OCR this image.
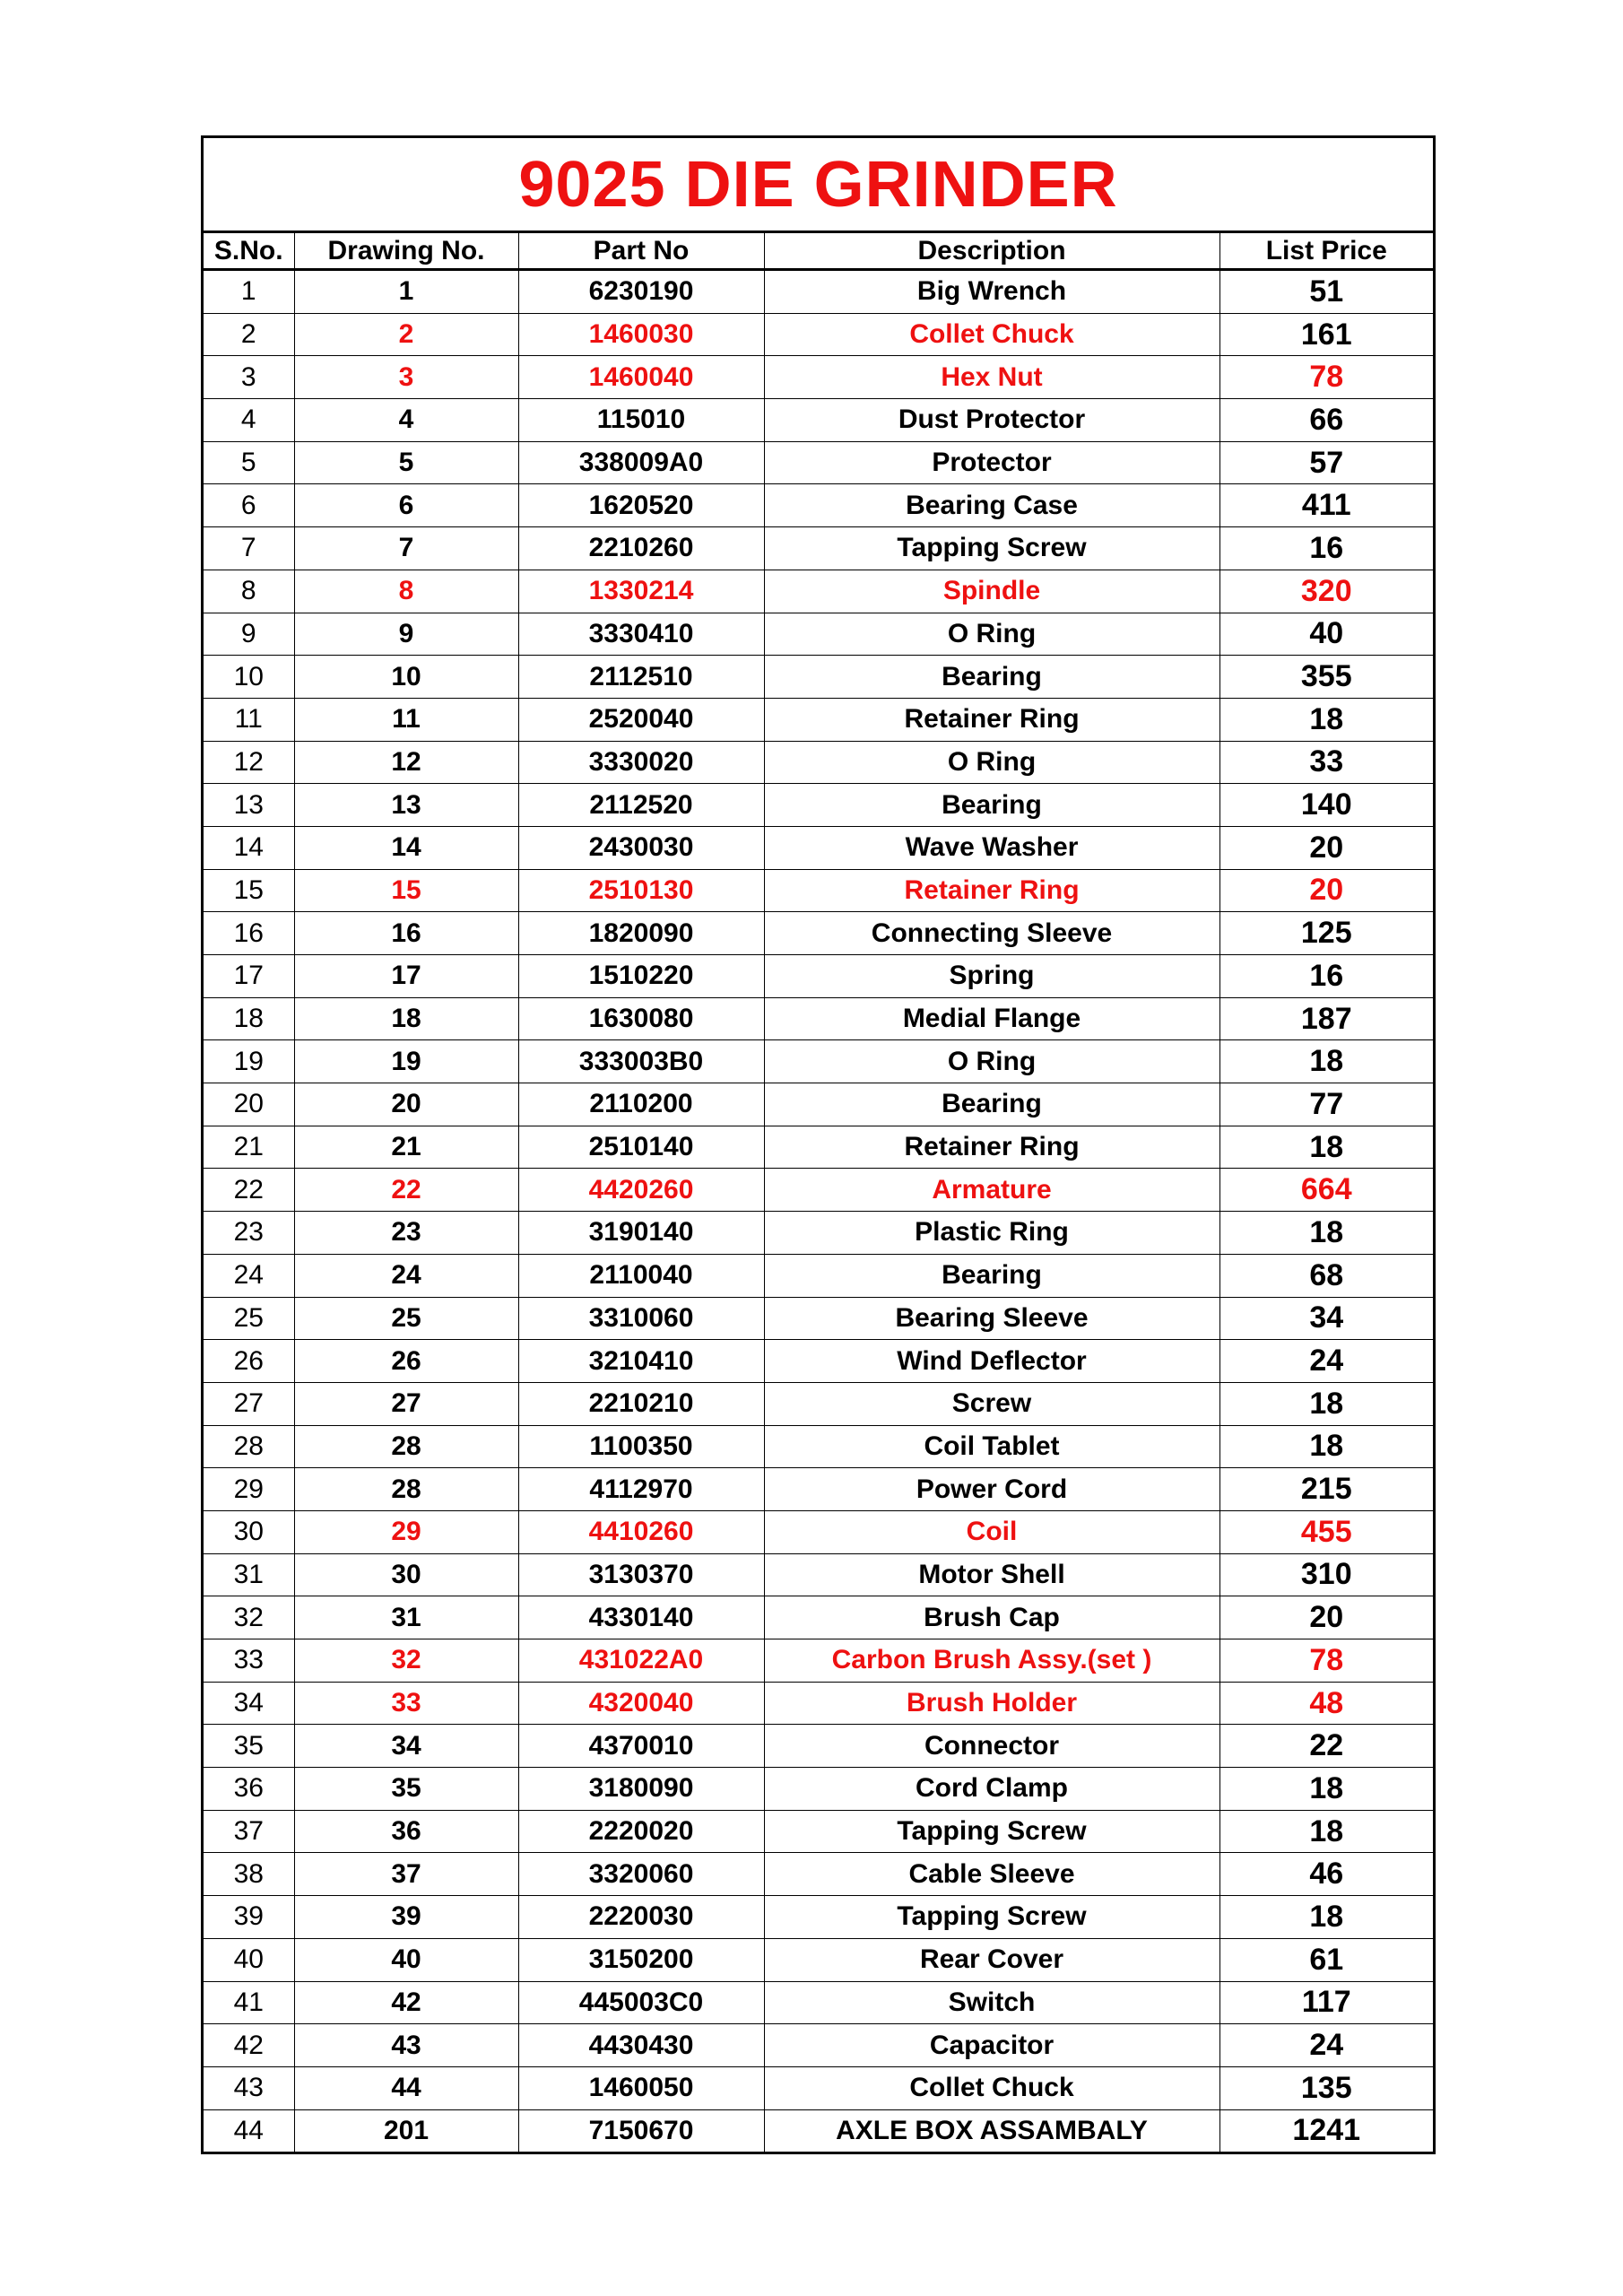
9025 DIE GRINDER
S.No.	Drawing No.	Part No	Description	List Price
1	1	6230190	Big Wrench	51
2	2	1460030	Collet Chuck	161
3	3	1460040	Hex Nut	78
4	4	115010	Dust Protector	66
5	5	338009A0	Protector	57
6	6	1620520	Bearing Case	411
7	7	2210260	Tapping Screw	16
8	8	1330214	Spindle	320
9	9	3330410	O Ring	40
10	10	2112510	Bearing	355
11	11	2520040	Retainer Ring	18
12	12	3330020	O Ring	33
13	13	2112520	Bearing	140
14	14	2430030	Wave Washer	20
15	15	2510130	Retainer Ring	20
16	16	1820090	Connecting Sleeve	125
17	17	1510220	Spring	16
18	18	1630080	Medial Flange	187
19	19	333003B0	O Ring	18
20	20	2110200	Bearing	77
21	21	2510140	Retainer Ring	18
22	22	4420260	Armature	664
23	23	3190140	Plastic Ring	18
24	24	2110040	Bearing	68
25	25	3310060	Bearing Sleeve	34
26	26	3210410	Wind Deflector	24
27	27	2210210	Screw	18
28	28	1100350	Coil Tablet	18
29	28	4112970	Power Cord	215
30	29	4410260	Coil	455
31	30	3130370	Motor Shell	310
32	31	4330140	Brush Cap	20
33	32	431022A0	Carbon Brush Assy.(set )	78
34	33	4320040	Brush Holder	48
35	34	4370010	Connector	22
36	35	3180090	Cord Clamp	18
37	36	2220020	Tapping Screw	18
38	37	3320060	Cable Sleeve	46
39	39	2220030	Tapping Screw	18
40	40	3150200	Rear Cover	61
41	42	445003C0	Switch	117
42	43	4430430	Capacitor	24
43	44	1460050	Collet Chuck	135
44	201	7150670	AXLE BOX ASSAMBALY	1241
